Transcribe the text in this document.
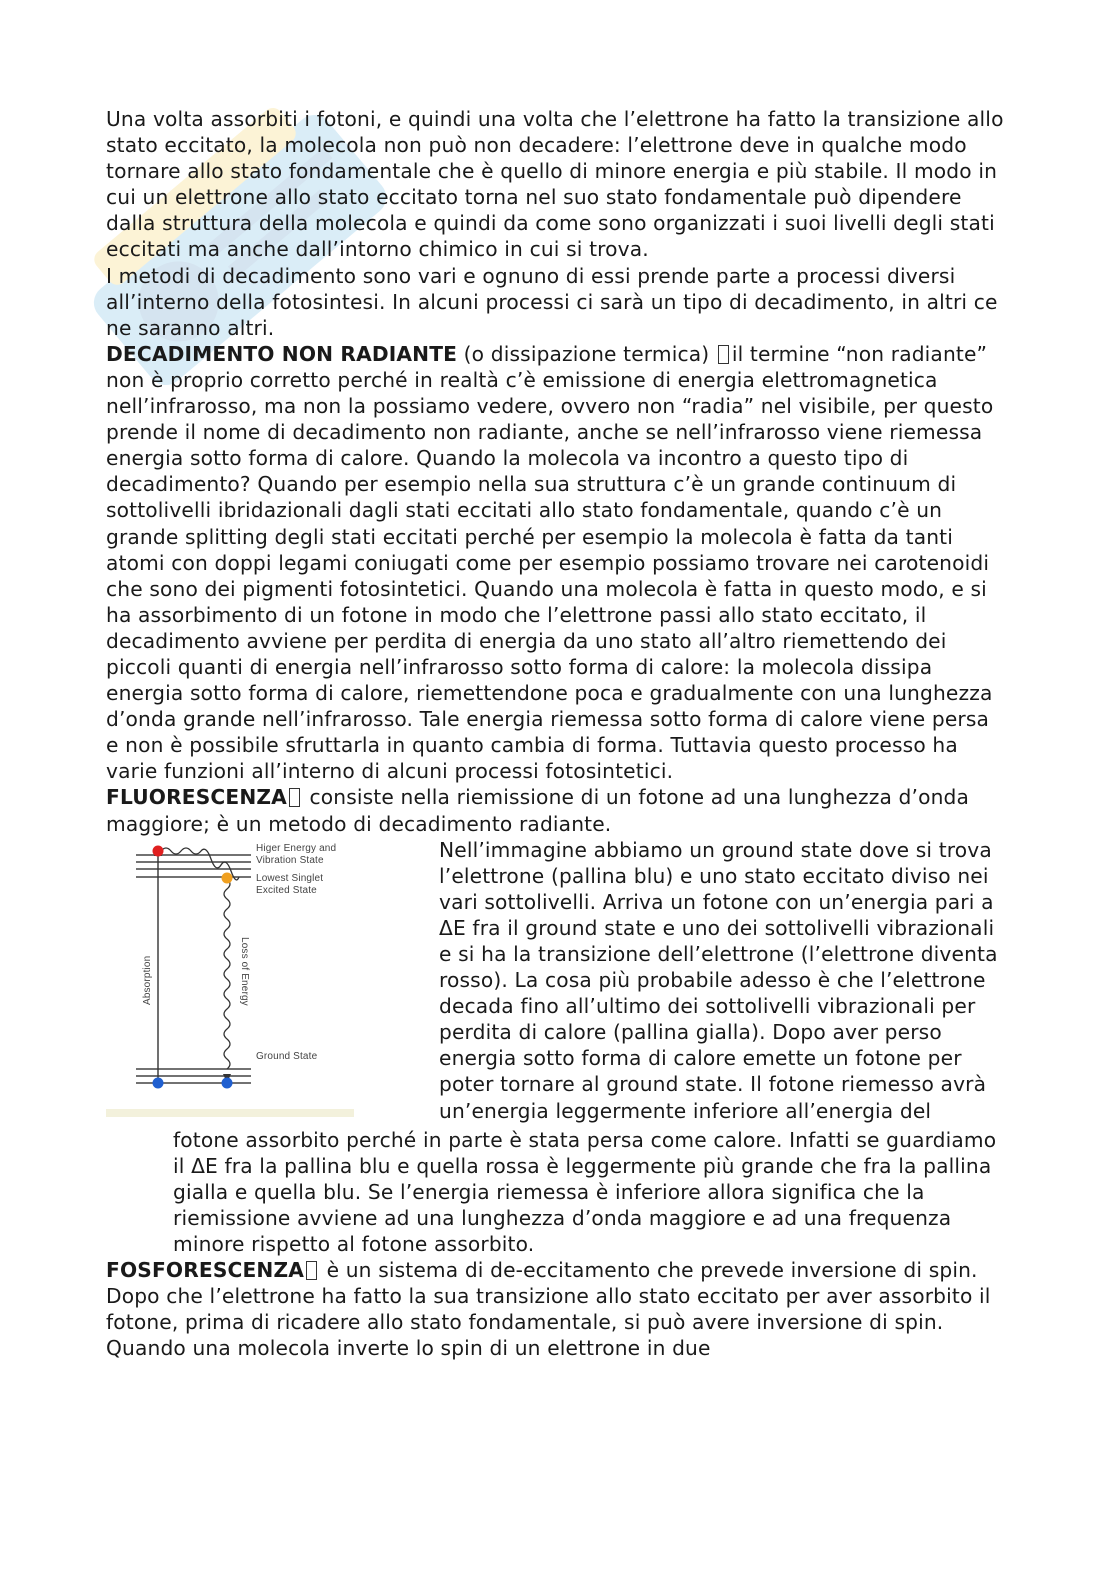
Una volta assorbiti i fotoni, e quindi una volta che l’elettrone ha fatto la transizione allo stato eccitato, la molecola non può non decadere: l’elettrone deve in qualche modo tornare allo stato fondamentale che è quello di minore energia e più stabile. Il modo in cui un elettrone allo stato eccitato torna nel suo stato fondamentale può dipendere dalla struttura della molecola e quindi da come sono organizzati i suoi livelli degli stati eccitati ma anche dall’intorno chimico in cui si trova.

I metodi di decadimento sono vari e ognuno di essi prende parte a processi diversi all’interno della fotosintesi. In alcuni processi ci sarà un tipo di decadimento, in altri ce ne saranno altri.

DECADIMENTO NON RADIANTE (o dissipazione termica) il termine “non radiante” non è proprio corretto perché in realtà c’è emissione di energia elettromagnetica nell’infrarosso, ma non la possiamo vedere, ovvero non “radia” nel visibile, per questo prende il nome di decadimento non radiante, anche se nell’infrarosso viene riemessa energia sotto forma di calore. Quando la molecola va incontro a questo tipo di decadimento? Quando per esempio nella sua struttura c’è un grande continuum di sottolivelli ibridazionali dagli stati eccitati allo stato fondamentale, quando c’è un grande splitting degli stati eccitati perché per esempio la molecola è fatta da tanti atomi con doppi legami coniugati come per esempio possiamo trovare nei carotenoidi che sono dei pigmenti fotosintetici. Quando una molecola è fatta in questo modo, e si ha assorbimento di un fotone in modo che l’elettrone passi allo stato eccitato, il decadimento avviene per perdita di energia da uno stato all’altro riemettendo dei piccoli quanti di energia nell’infrarosso sotto forma di calore: la molecola dissipa energia sotto forma di calore, riemettendone poca e gradualmente con una lunghezza d’onda grande nell’infrarosso. Tale energia riemessa sotto forma di calore viene persa e non è possibile sfruttarla in quanto cambia di forma. Tuttavia questo processo ha varie funzioni all’interno di alcuni processi fotosintetici.

FLUORESCENZA consiste nella riemissione di un fotone ad una lunghezza d’onda maggiore; è un metodo di decadimento radiante.

Higer Energy and
Vibration State
Lowest Singlet
Excited State
Absorption	Loss of Energy
Ground State

Nell’immagine abbiamo un ground state dove si trova l’elettrone (pallina blu) e uno stato eccitato diviso nei vari sottolivelli. Arriva un fotone con un’energia pari a ΔE fra il ground state e uno dei sottolivelli vibrazionali e si ha la transizione dell’elettrone (l’elettrone diventa rosso). La cosa più probabile adesso è che l’elettrone decada fino all’ultimo dei sottolivelli vibrazionali per perdita di calore (pallina gialla). Dopo aver perso energia sotto forma di calore emette un fotone per poter tornare al ground state. Il fotone riemesso avrà un’energia leggermente inferiore all’energia del

fotone assorbito perché in parte è stata persa come calore. Infatti se guardiamo il ΔE fra la pallina blu e quella rossa è leggermente più grande che fra la pallina gialla e quella blu. Se l’energia riemessa è inferiore allora significa che la riemissione avviene ad una lunghezza d’onda maggiore e ad una frequenza minore rispetto al fotone assorbito.

FOSFORESCENZA è un sistema di de-eccitamento che prevede inversione di spin. Dopo che l’elettrone ha fatto la sua transizione allo stato eccitato per aver assorbito il fotone, prima di ricadere allo stato fondamentale, si può avere inversione di spin. Quando una molecola inverte lo spin di un elettrone in due
